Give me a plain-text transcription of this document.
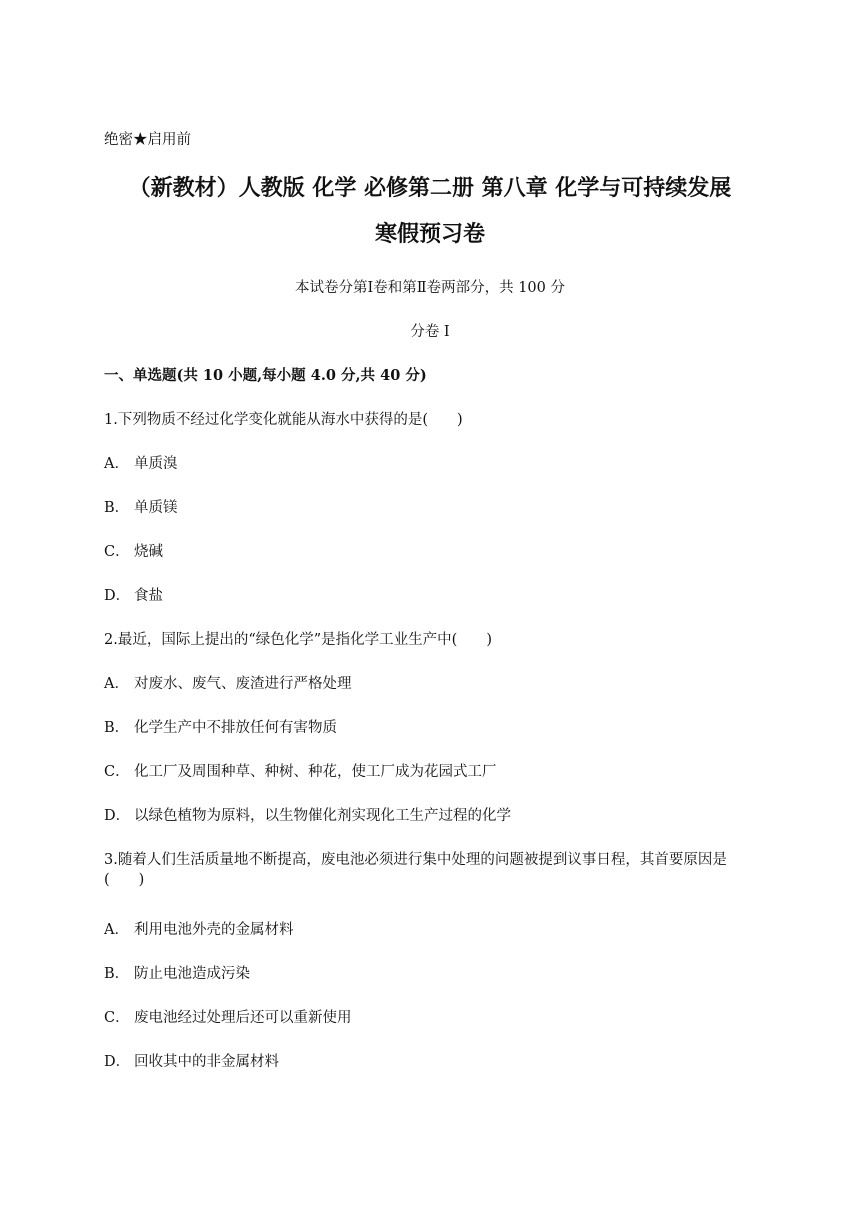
绝密★启用前
（新教材）人教版 化学 必修第二册 第八章 化学与可持续发展
寒假预习卷
本试卷分第Ⅰ卷和第Ⅱ卷两部分，共 100 分
分卷 I
一、单选题(共 10 小题,每小题 4.0 分,共 40 分)
1.下列物质不经过化学变化就能从海水中获得的是(　　)
A． 单质溴
B． 单质镁
C． 烧碱
D． 食盐
2.最近，国际上提出的“绿色化学”是指化学工业生产中(　　)
A． 对废水、废气、废渣进行严格处理
B． 化学生产中不排放任何有害物质
C． 化工厂及周围种草、种树、种花，使工厂成为花园式工厂
D． 以绿色植物为原料，以生物催化剂实现化工生产过程的化学
3.随着人们生活质量地不断提高，废电池必须进行集中处理的问题被提到议事日程，其首要原因是(　　)
A． 利用电池外壳的金属材料
B． 防止电池造成污染
C． 废电池经过处理后还可以重新使用
D． 回收其中的非金属材料
